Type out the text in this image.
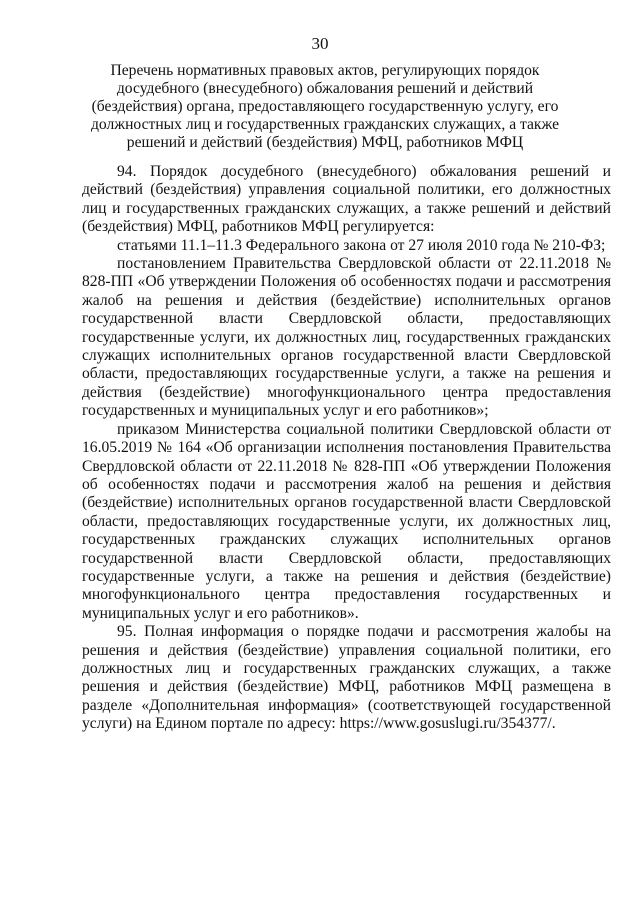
30
Перечень нормативных правовых актов, регулирующих порядок досудебного (внесудебного) обжалования решений и действий (бездействия) органа, предоставляющего государственную услугу, его должностных лиц и государственных гражданских служащих, а также решений и действий (бездействия) МФЦ, работников МФЦ

94. Порядок досудебного (внесудебного) обжалования решений и действий (бездействия) управления социальной политики, его должностных лиц и государственных гражданских служащих, а также решений и действий (бездействия) МФЦ, работников МФЦ регулируется:

статьями 11.1–11.3 Федерального закона от 27 июля 2010 года № 210-ФЗ;

постановлением Правительства Свердловской области от 22.11.2018 № 828-ПП «Об утверждении Положения об особенностях подачи и рассмотрения жалоб на решения и действия (бездействие) исполнительных органов государственной власти Свердловской области, предоставляющих государственные услуги, их должностных лиц, государственных гражданских служащих исполнительных органов государственной власти Свердловской области, предоставляющих государственные услуги, а также на решения и действия (бездействие) многофункционального центра предоставления государственных и муниципальных услуг и его работников»;

приказом Министерства социальной политики Свердловской области от 16.05.2019 № 164 «Об организации исполнения постановления Правительства Свердловской области от 22.11.2018 № 828-ПП «Об утверждении Положения об особенностях подачи и рассмотрения жалоб на решения и действия (бездействие) исполнительных органов государственной власти Свердловской области, предоставляющих государственные услуги, их должностных лиц, государственных гражданских служащих исполнительных органов государственной власти Свердловской области, предоставляющих государственные услуги, а также на решения и действия (бездействие) многофункционального центра предоставления государственных и муниципальных услуг и его работников».

95. Полная информация о порядке подачи и рассмотрения жалобы на решения и действия (бездействие) управления социальной политики, его должностных лиц и государственных гражданских служащих, а также решения и действия (бездействие) МФЦ, работников МФЦ размещена в разделе «Дополнительная информация» (соответствующей государственной услуги) на Едином портале по адресу: https://www.gosuslugi.ru/354377/.
